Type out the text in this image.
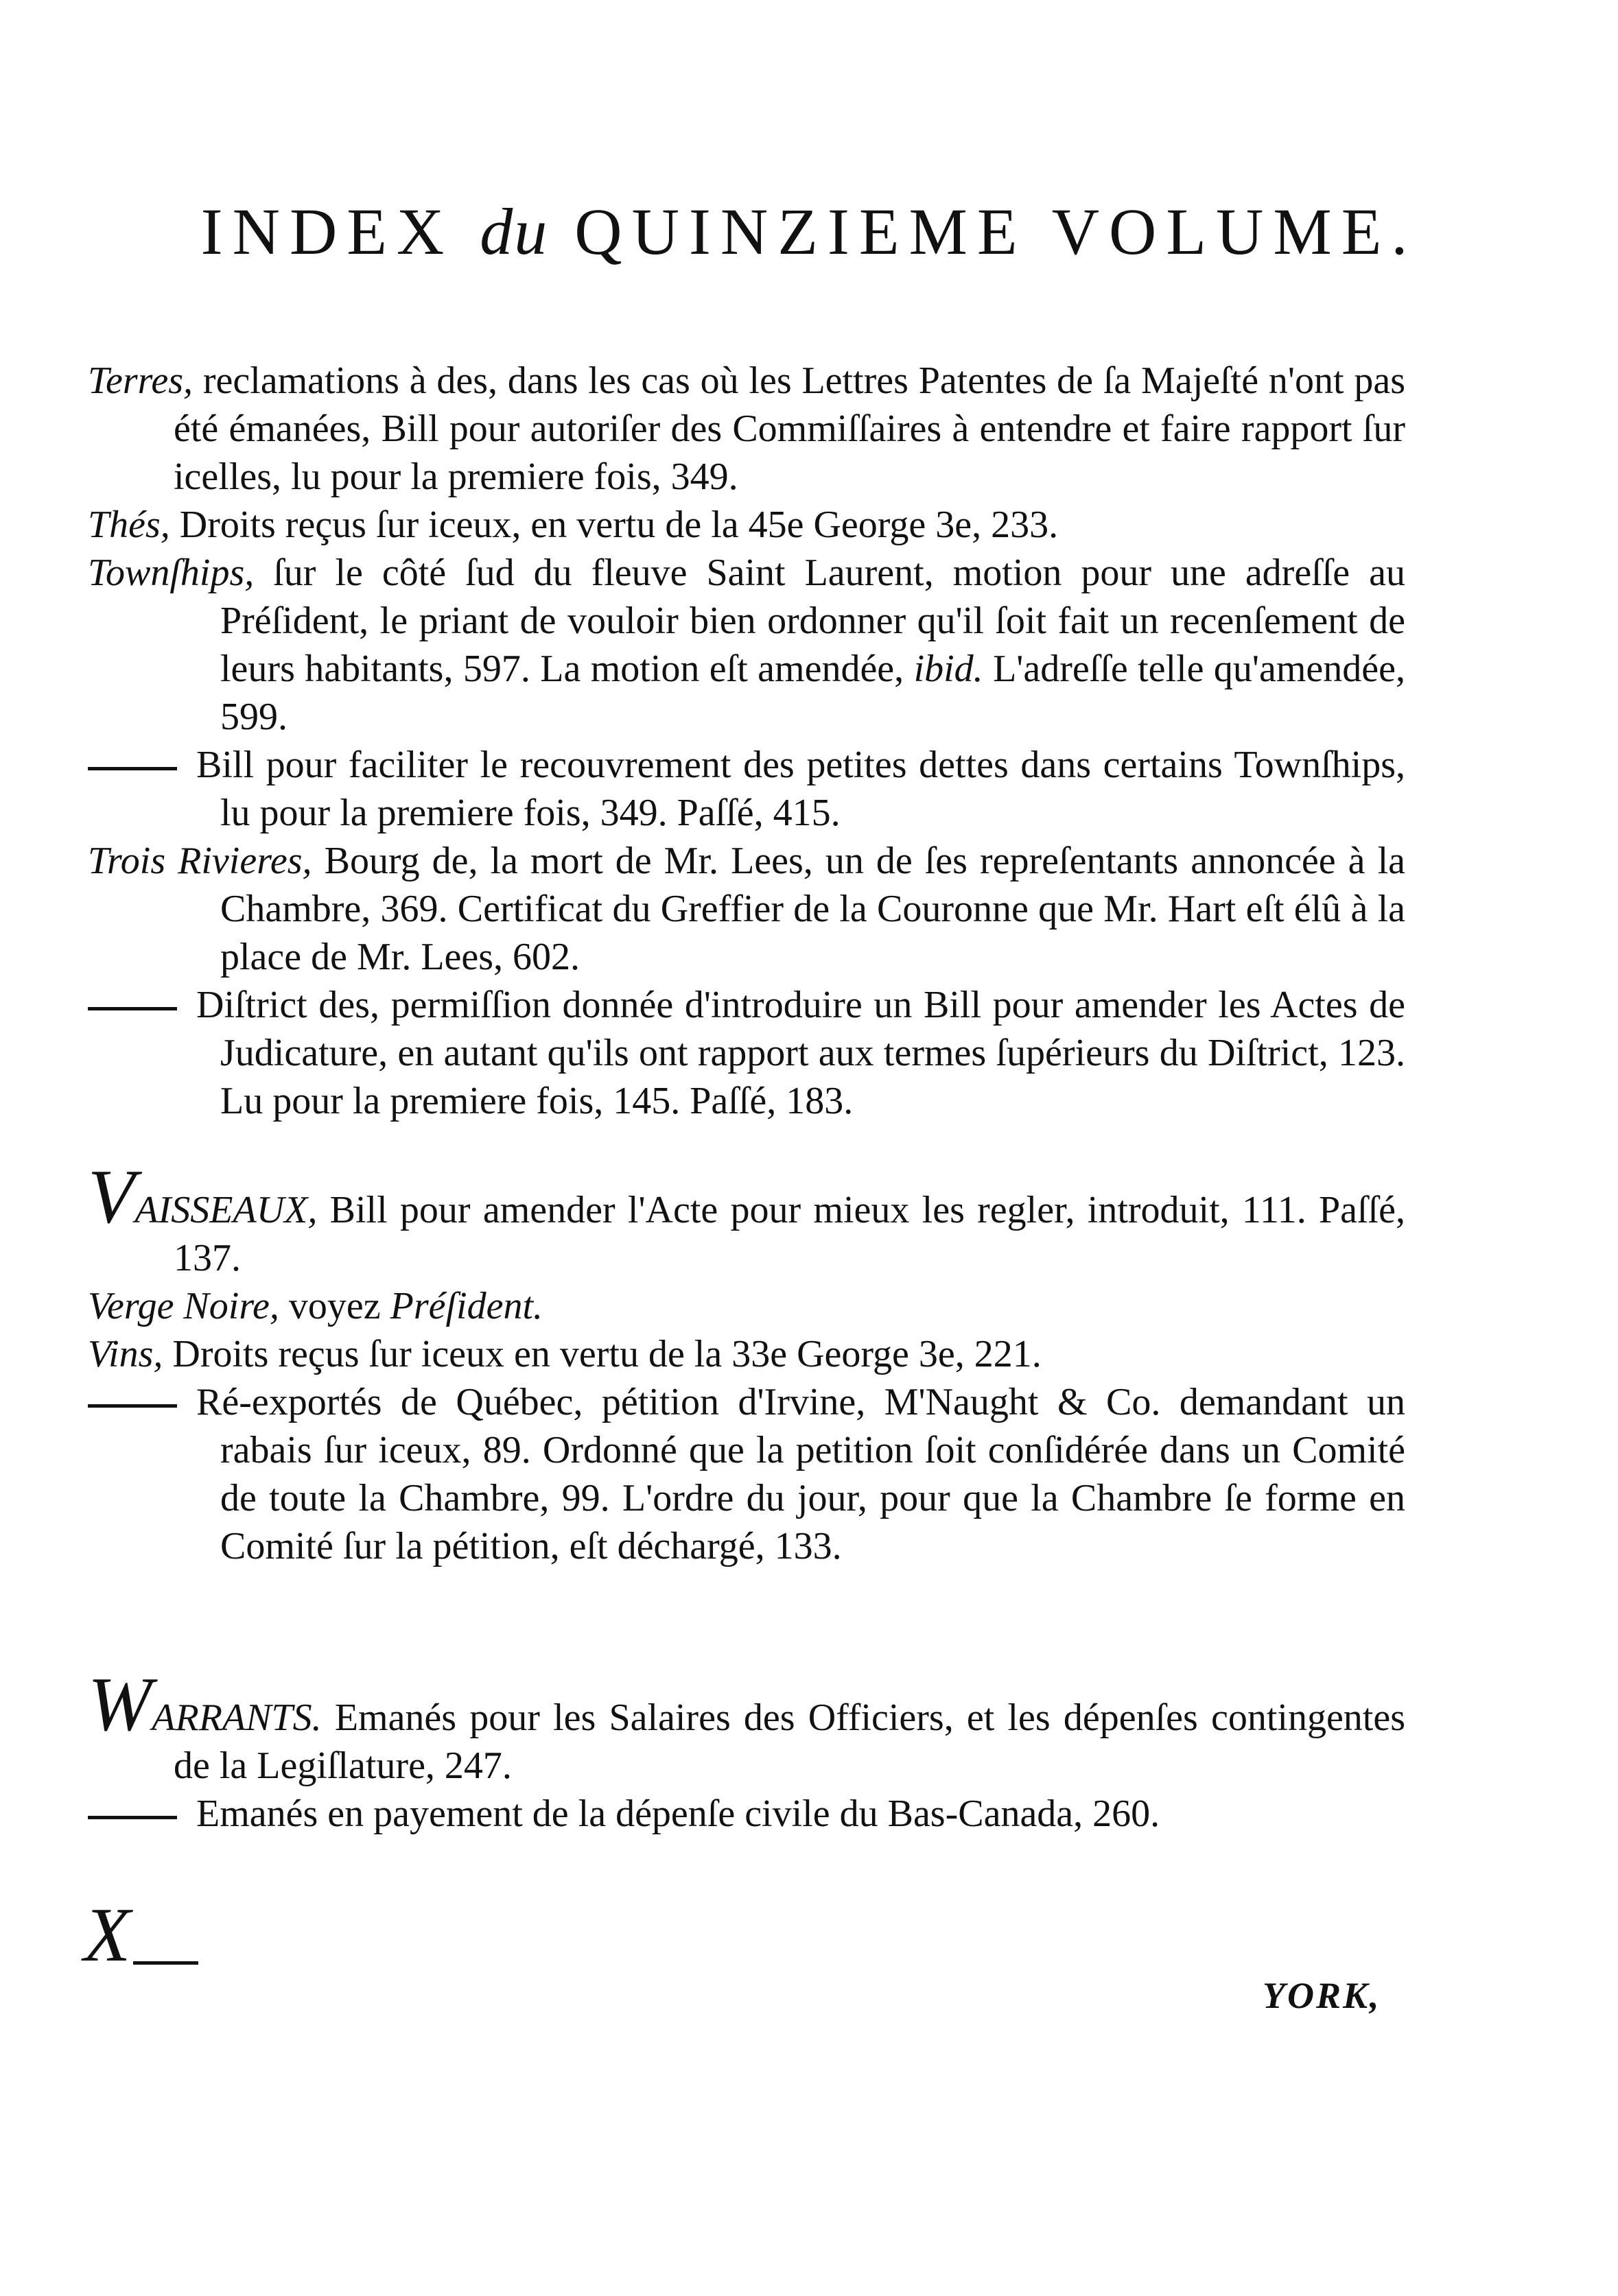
INDEX du QUINZIEME VOLUME.
Terres, reclamations à des, dans les cas où les Lettres Patentes de ſa Majeſté n'ont pas été émanées, Bill pour autoriſer des Commiſſaires à entendre et faire rapport ſur icelles, lu pour la premiere fois, 349.
Thés, Droits reçus ſur iceux, en vertu de la 45e George 3e, 233.
Townſhips, ſur le côté ſud du fleuve Saint Laurent, motion pour une adreſſe au Préſident, le priant de vouloir bien ordonner qu'il ſoit fait un recenſement de leurs habitants, 597. La motion eſt amendée, ibid. L'adreſſe telle qu'amendée, 599.
Bill pour faciliter le recouvrement des petites dettes dans certains Townſhips, lu pour la premiere fois, 349. Paſſé, 415.
Trois Rivieres, Bourg de, la mort de Mr. Lees, un de ſes repreſentants annoncée à la Chambre, 369. Certificat du Greffier de la Couronne que Mr. Hart eſt élû à la place de Mr. Lees, 602.
Diſtrict des, permiſſion donnée d'introduire un Bill pour amender les Actes de Judicature, en autant qu'ils ont rapport aux termes ſupérieurs du Diſtrict, 123. Lu pour la premiere fois, 145. Paſſé, 183.
VAISSEAUX, Bill pour amender l'Acte pour mieux les regler, introduit, 111. Paſſé, 137.
Verge Noire, voyez Préſident.
Vins, Droits reçus ſur iceux en vertu de la 33e George 3e, 221.
Ré-exportés de Québec, pétition d'Irvine, M'Naught & Co. demandant un rabais ſur iceux, 89. Ordonné que la petition ſoit conſidérée dans un Comité de toute la Chambre, 99. L'ordre du jour, pour que la Chambre ſe forme en Comité ſur la pétition, eſt déchargé, 133.
WARRANTS. Emanés pour les Salaires des Officiers, et les dépenſes contingentes de la Legiſlature, 247.
Emanés en payement de la dépenſe civile du Bas-Canada, 260.
X
YORK,
